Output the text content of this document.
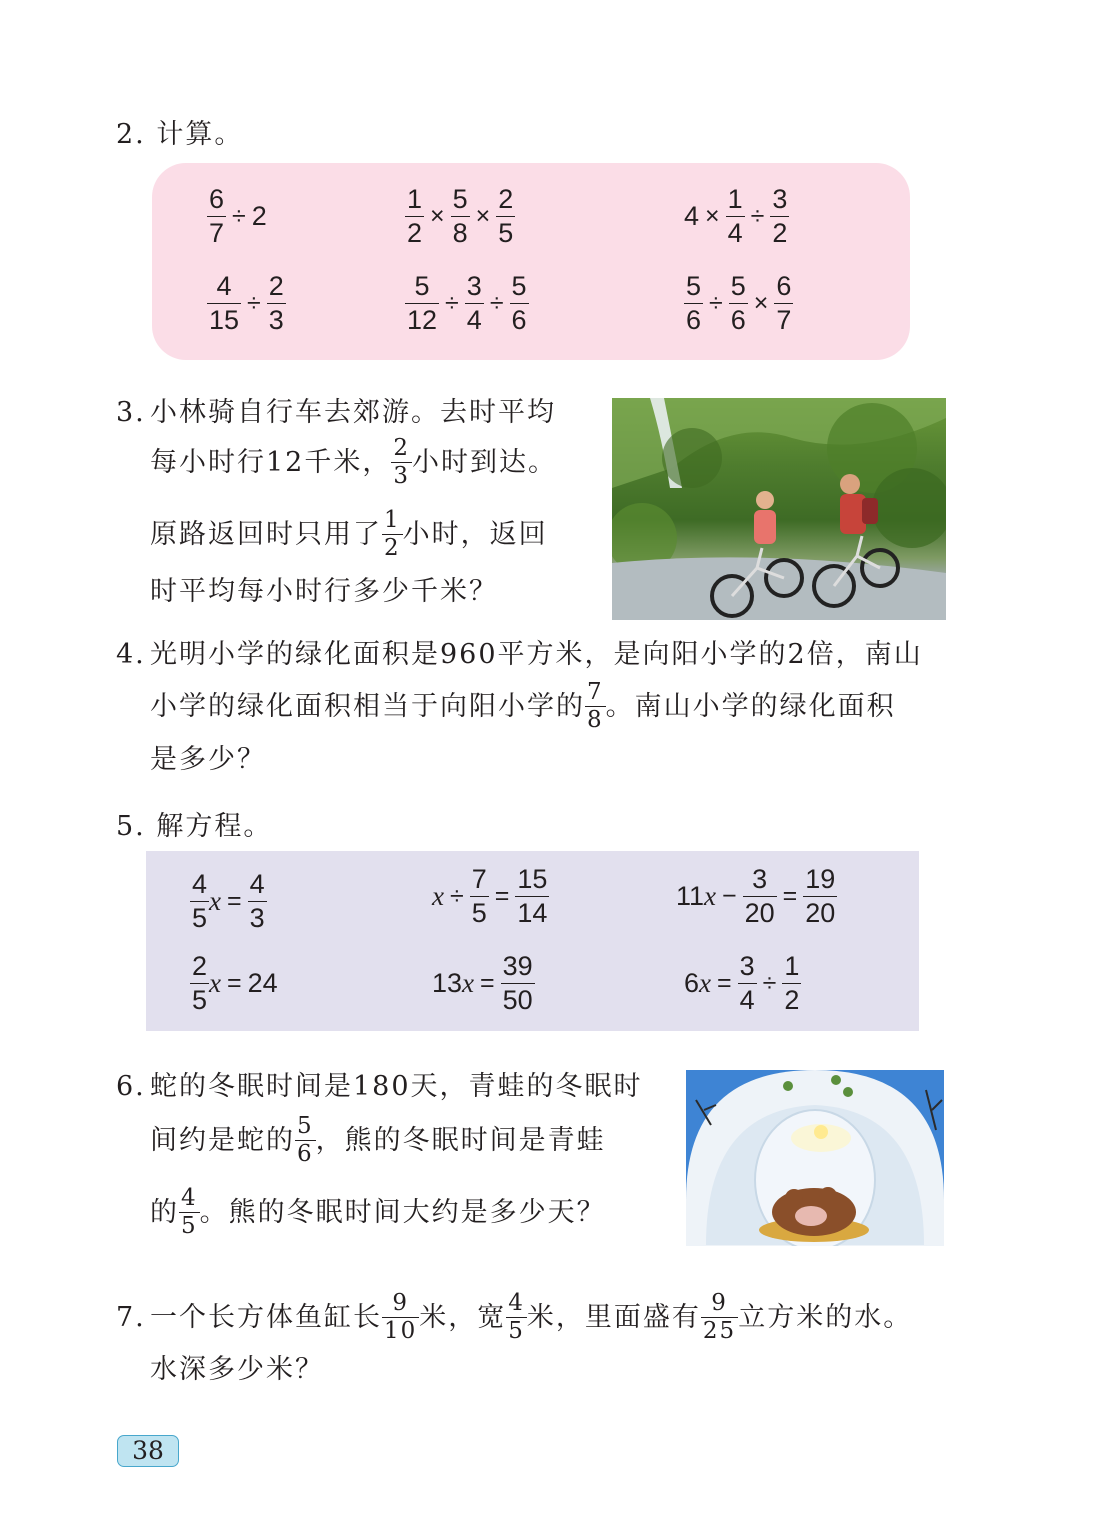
2. 计算。
$\frac{6}{7} \div 2$	$\frac{1}{2} \times \frac{5}{8} \times \frac{2}{5}$	$4 \times \frac{1}{4} \div \frac{3}{2}$
$\frac{4}{15} \div \frac{2}{3}$	$\frac{5}{12} \div \frac{3}{4} \div \frac{5}{6}$	$\frac{5}{6} \div \frac{5}{6} \times \frac{6}{7}$
3. 小林骑自行车去郊游。去时平均
每小时行12千米， $\frac{2}{3}$ 小时到达。
原路返回时只用了 $\frac{1}{2}$ 小时，返回
时平均每小时行多少千米？
4. 光明小学的绿化面积是960平方米，是向阳小学的2倍，南山
小学的绿化面积相当于向阳小学的 $\frac{7}{8}$ 。南山小学的绿化面积
是多少？
5. 解方程。
$\frac{4}{5}$ $x = \frac{4}{3}$	$x \div \frac{7}{5} = \frac{15}{14}$	11 $x - \frac{3}{20} = \frac{19}{20}$
$\frac{2}{5}$ x = 24	13 $x = \frac{39}{50}$	6 $x = \frac{3}{4} \div \frac{1}{2}$
6. 蛇的冬眠时间是180天，青蛙的冬眠时
间约是蛇的 $\frac{5}{6}$ ，熊的冬眠时间是青蛙
的 $\frac{4}{5}$ 。熊的冬眠时间大约是多少天？
7. 一个长方体鱼缸长 $\frac{9}{10}$ 米，宽 $\frac{4}{5}$ 米，里面盛有 $\frac{9}{25}$ 立方米的水。
水深多少米？
38
